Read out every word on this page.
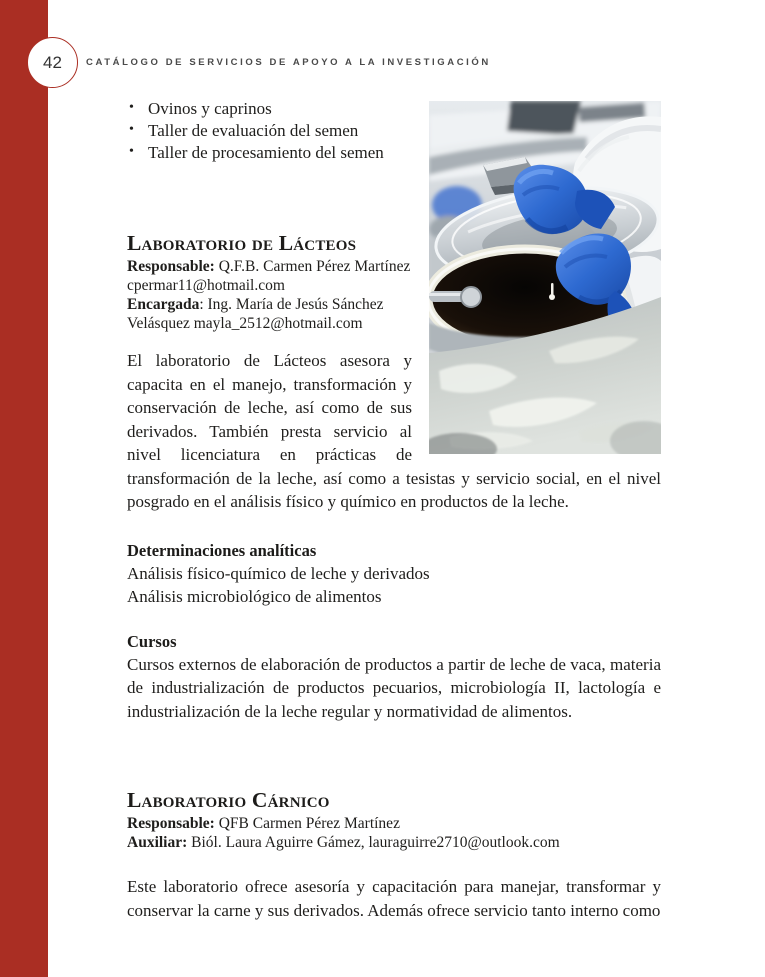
42	CATÁLOGO DE SERVICIOS DE APOYO A LA INVESTIGACIÓN
• Ovinos y caprinos
• Taller de evaluación del semen
• Taller de procesamiento del semen
Laboratorio de Lácteos

Responsable: Q.F.B. Carmen Pérez Martínez
cpermar11@hotmail.com
Encargada: Ing. María de Jesús Sánchez
Velásquez mayla_2512@hotmail.com

El laboratorio de Lácteos asesora y capacita en el manejo, transformación y conservación de leche, así como de sus derivados. También presta servicio al nivel licenciatura en prácticas de transformación de la leche, así como a tesistas y servicio social, en el nivel posgrado en el análisis físico y químico en productos de la leche.

Determinaciones analíticas
Análisis físico-químico de leche y derivados
Análisis microbiológico de alimentos
Cursos

Cursos externos de elaboración de productos a partir de leche de vaca, materia de industrialización de productos pecuarios, microbiología II, lactología e industrialización de la leche regular y normatividad de alimentos.

Laboratorio Cárnico

Responsable: QFB Carmen Pérez Martínez
Auxiliar: Biól. Laura Aguirre Gámez, lauraguirre2710@outlook.com

Este laboratorio ofrece asesoría y capacitación para manejar, transformar y conservar la carne y sus derivados. Además ofrece servicio tanto interno como
